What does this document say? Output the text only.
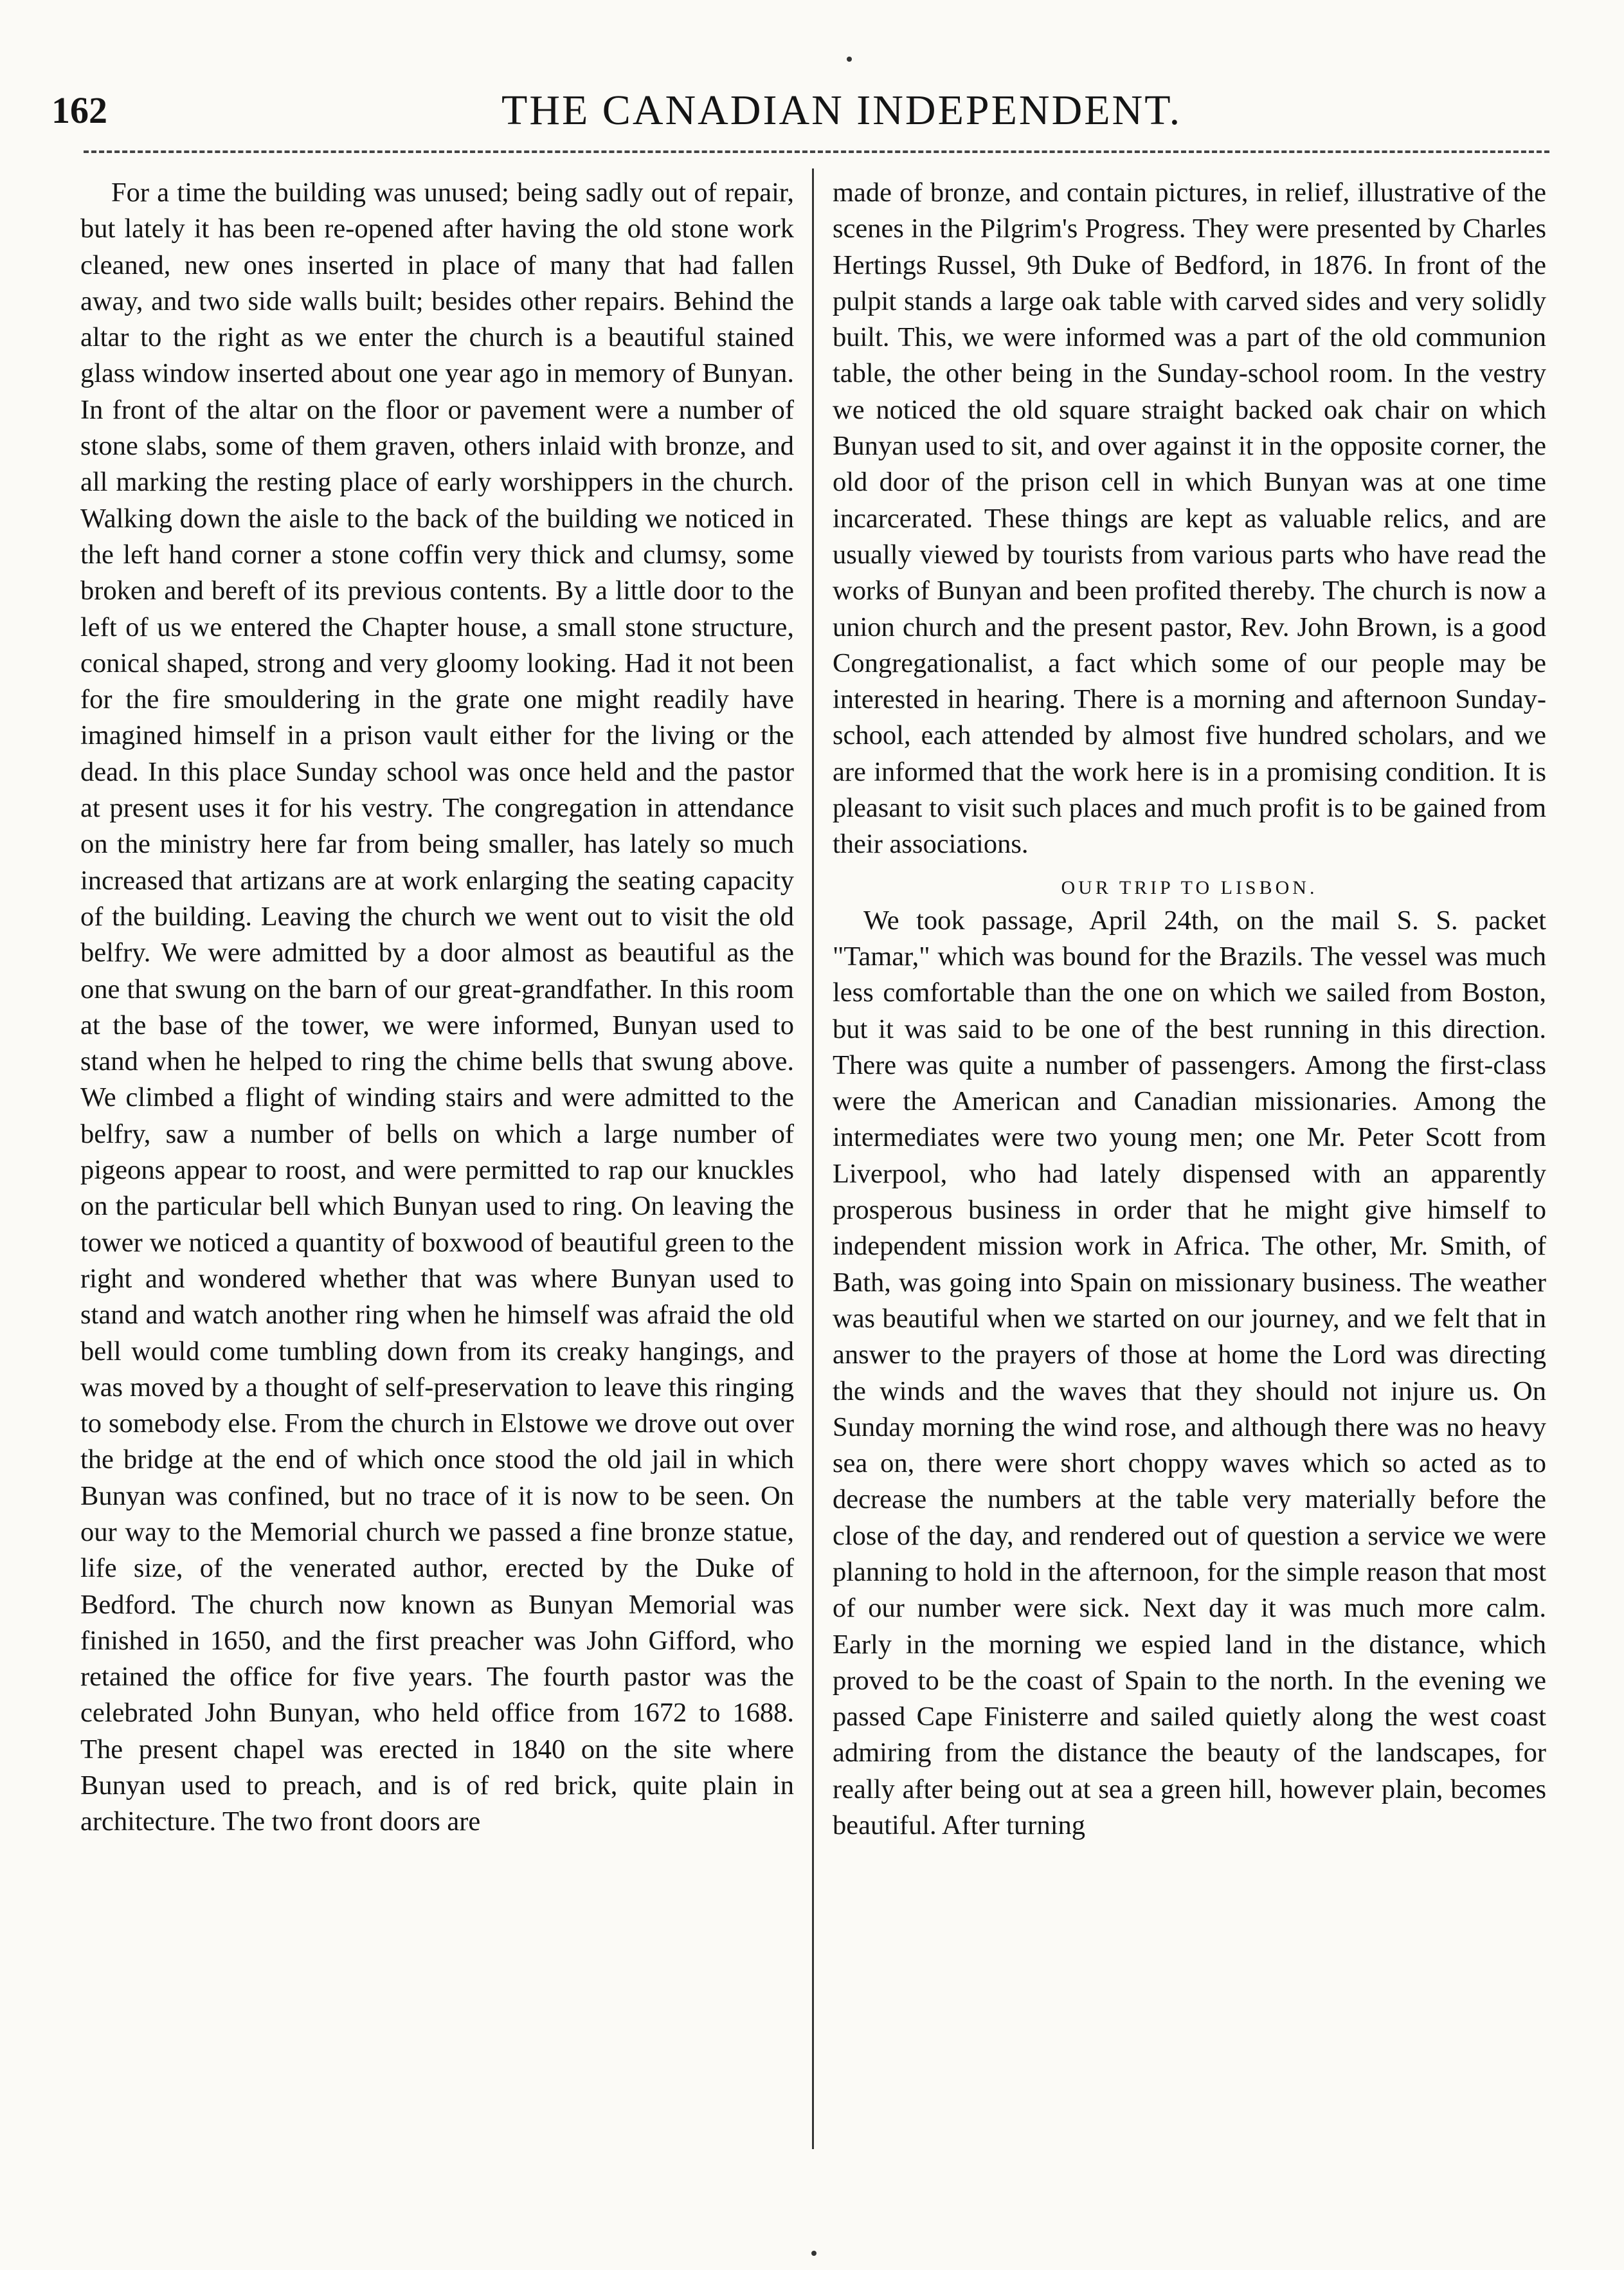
162	THE CANADIAN INDEPENDENT.

For a time the building was unused; being sadly out of repair, but lately it has been re-opened after having the old stone work cleaned, new ones inserted in place of many that had fallen away, and two side walls built; besides other repairs. Behind the altar to the right as we enter the church is a beautiful stained glass window inserted about one year ago in memory of Bunyan. In front of the altar on the floor or pavement were a number of stone slabs, some of them graven, others inlaid with bronze, and all marking the resting place of early worshippers in the church. Walking down the aisle to the back of the building we noticed in the left hand corner a stone coffin very thick and clumsy, some broken and bereft of its previous contents. By a little door to the left of us we entered the Chapter house, a small stone structure, conical shaped, strong and very gloomy looking. Had it not been for the fire smouldering in the grate one might readily have imagined himself in a prison vault either for the living or the dead. In this place Sunday school was once held and the pastor at present uses it for his vestry. The congregation in attendance on the ministry here far from being smaller, has lately so much increased that artizans are at work enlarging the seating capacity of the building. Leaving the church we went out to visit the old belfry. We were admitted by a door almost as beautiful as the one that swung on the barn of our great-grandfather. In this room at the base of the tower, we were informed, Bunyan used to stand when he helped to ring the chime bells that swung above. We climbed a flight of winding stairs and were admitted to the belfry, saw a number of bells on which a large number of pigeons appear to roost, and were permitted to rap our knuckles on the particular bell which Bunyan used to ring. On leaving the tower we noticed a quantity of boxwood of beautiful green to the right and wondered whether that was where Bunyan used to stand and watch another ring when he himself was afraid the old bell would come tumbling down from its creaky hangings, and was moved by a thought of self-preservation to leave this ringing to somebody else. From the church in Elstowe we drove out over the bridge at the end of which once stood the old jail in which Bunyan was confined, but no trace of it is now to be seen. On our way to the Memorial church we passed a fine bronze statue, life size, of the venerated author, erected by the Duke of Bedford. The church now known as Bunyan Memorial was finished in 1650, and the first preacher was John Gifford, who retained the office for five years. The fourth pastor was the celebrated John Bunyan, who held office from 1672 to 1688. The present chapel was erected in 1840 on the site where Bunyan used to preach, and is of red brick, quite plain in architecture. The two front doors are

made of bronze, and contain pictures, in relief, illustrative of the scenes in the Pilgrim's Progress. They were presented by Charles Hertings Russel, 9th Duke of Bedford, in 1876. In front of the pulpit stands a large oak table with carved sides and very solidly built. This, we were informed was a part of the old communion table, the other being in the Sunday-school room. In the vestry we noticed the old square straight backed oak chair on which Bunyan used to sit, and over against it in the opposite corner, the old door of the prison cell in which Bunyan was at one time incarcerated. These things are kept as valuable relics, and are usually viewed by tourists from various parts who have read the works of Bunyan and been profited thereby. The church is now a union church and the present pastor, Rev. John Brown, is a good Congregationalist, a fact which some of our people may be interested in hearing. There is a morning and afternoon Sunday-school, each attended by almost five hundred scholars, and we are informed that the work here is in a promising condition. It is pleasant to visit such places and much profit is to be gained from their associations.

OUR TRIP TO LISBON.

We took passage, April 24th, on the mail S. S. packet "Tamar," which was bound for the Brazils. The vessel was much less comfortable than the one on which we sailed from Boston, but it was said to be one of the best running in this direction. There was quite a number of passengers. Among the first-class were the American and Canadian missionaries. Among the intermediates were two young men; one Mr. Peter Scott from Liverpool, who had lately dispensed with an apparently prosperous business in order that he might give himself to independent mission work in Africa. The other, Mr. Smith, of Bath, was going into Spain on missionary business. The weather was beautiful when we started on our journey, and we felt that in answer to the prayers of those at home the Lord was directing the winds and the waves that they should not injure us. On Sunday morning the wind rose, and although there was no heavy sea on, there were short choppy waves which so acted as to decrease the numbers at the table very materially before the close of the day, and rendered out of question a service we were planning to hold in the afternoon, for the simple reason that most of our number were sick. Next day it was much more calm. Early in the morning we espied land in the distance, which proved to be the coast of Spain to the north. In the evening we passed Cape Finisterre and sailed quietly along the west coast admiring from the distance the beauty of the landscapes, for really after being out at sea a green hill, however plain, becomes beautiful. After turning
